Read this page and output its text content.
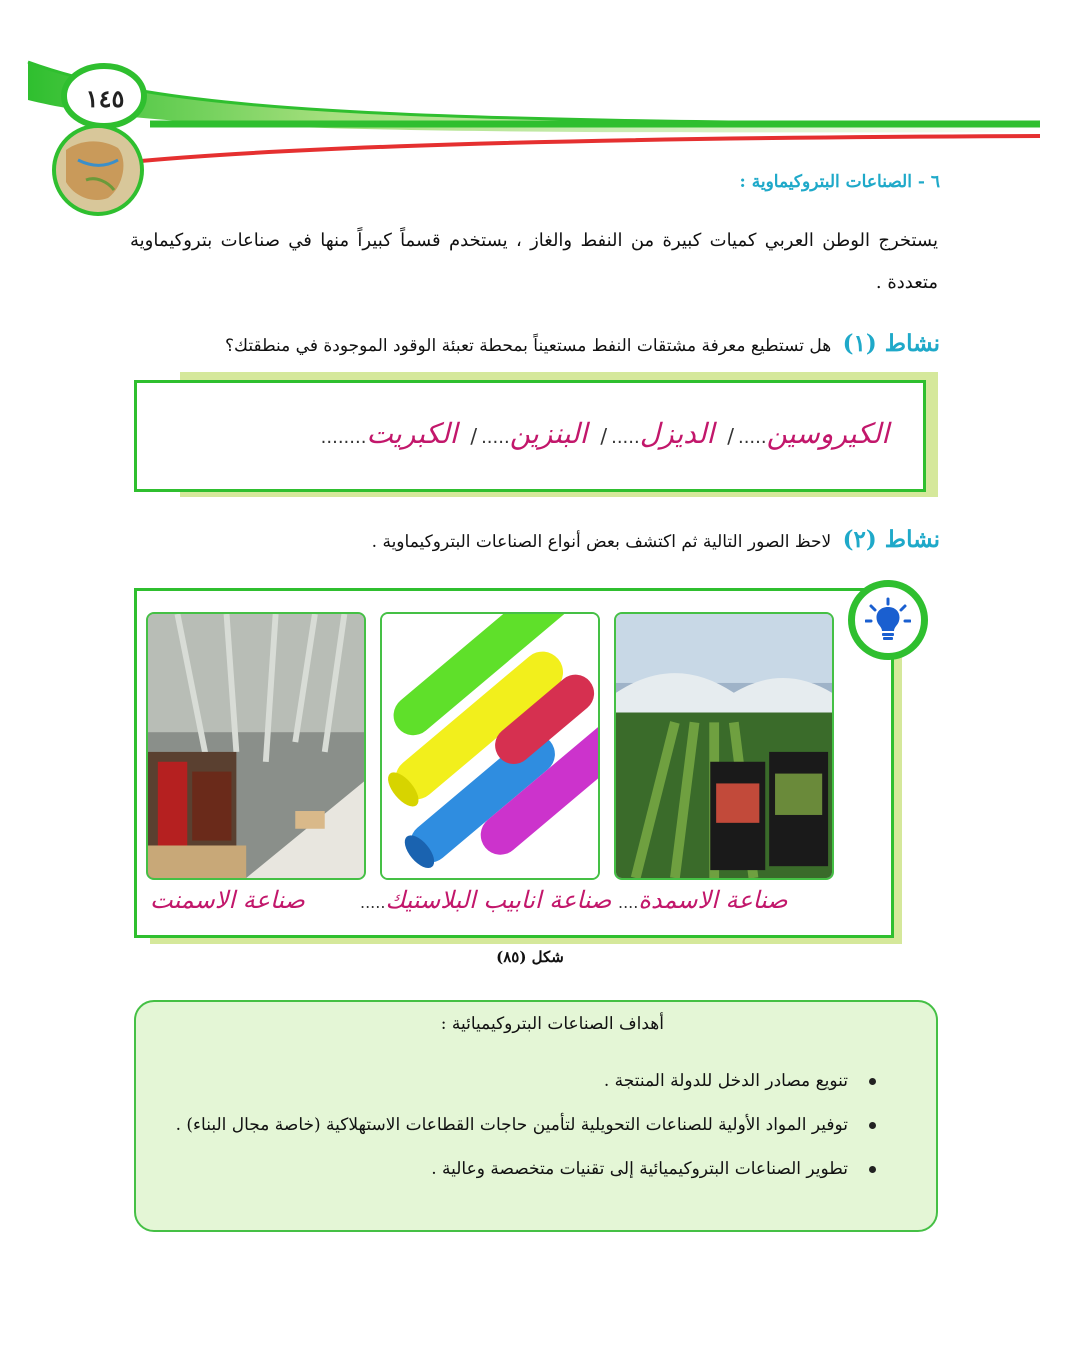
١٤٥
٦ - الصناعات البتروكيماوية :
يستخرج الوطن العربي كميات كبيرة من النفط والغاز ، يستخدم قسماً كبيراً منها في صناعات بتروكيماوية متعددة .
نشاط (١) هل تستطيع معرفة مشتقات النفط مستعيناً بمحطة تعبئة الوقود الموجودة في منطقتك؟
الكيروسين...../ الديزل...../ البنزين...../ الكبريت........
نشاط (٢) لاحظ الصور التالية ثم اكتشف بعض أنواع الصناعات البتروكيماوية .
صناعة الاسمدة....
صناعة انابيب البلاستيك.....
صناعة الاسمنت
شكل (٨٥)
أهداف الصناعات البتروكيميائية :
تنويع مصادر الدخل للدولة المنتجة .
توفير المواد الأولية للصناعات التحويلية لتأمين حاجات القطاعات الاستهلاكية (خاصة مجال البناء) .
تطوير الصناعات البتروكيميائية إلى تقنيات متخصصة وعالية .
